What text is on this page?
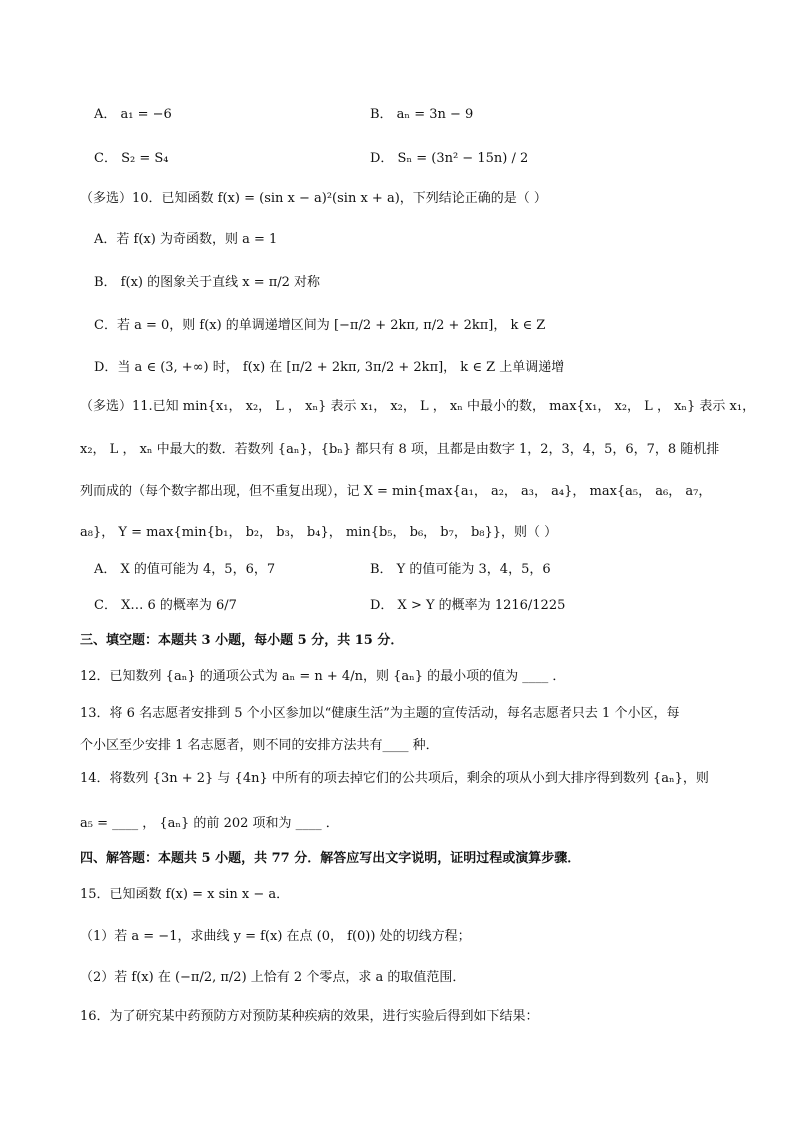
A． a₁ = −6	B． aₙ = 3n − 9
C． S₂ = S₄	D． Sₙ = (3n² − 15n) / 2
（多选）10．已知函数 f(x) = (sin x − a)²(sin x + a)，下列结论正确的是（ ）
A．若 f(x) 为奇函数，则 a = 1
B． f(x) 的图象关于直线 x = π/2 对称
C．若 a = 0，则 f(x) 的单调递增区间为 [−π/2 + 2kπ, π/2 + 2kπ]， k ∈ Z
D．当 a ∈ (3, +∞) 时， f(x) 在 [π/2 + 2kπ, 3π/2 + 2kπ]， k ∈ Z 上单调递增
（多选）11.已知 min{x₁， x₂， L ， xₙ} 表示 x₁， x₂， L ， xₙ 中最小的数， max{x₁， x₂， L ， xₙ} 表示 x₁，
x₂， L ， xₙ 中最大的数．若数列 {aₙ}，{bₙ} 都只有 8 项，且都是由数字 1，2，3，4，5，6，7，8 随机排
列而成的（每个数字都出现，但不重复出现），记 X = min{max{a₁， a₂， a₃， a₄}， max{a₅， a₆， a₇，
a₈}， Y = max{min{b₁， b₂， b₃， b₄}， min{b₅， b₆， b₇， b₈}}，则（ ）
A． X 的值可能为 4，5，6，7	B． Y 的值可能为 3，4，5，6
C． X… 6 的概率为 6/7	D． X > Y 的概率为 1216/1225
三、填空题：本题共 3 小题，每小题 5 分，共 15 分．
12．已知数列 {aₙ} 的通项公式为 aₙ = n + 4/n，则 {aₙ} 的最小项的值为 ____ ．
13．将 6 名志愿者安排到 5 个小区参加以“健康生活”为主题的宣传活动，每名志愿者只去 1 个小区，每
个小区至少安排 1 名志愿者，则不同的安排方法共有____ 种．
14．将数列 {3n + 2} 与 {4n} 中所有的项去掉它们的公共项后，剩余的项从小到大排序得到数列 {aₙ}，则
a₅ = ____ ， {aₙ} 的前 202 项和为 ____ ．
四、解答题：本题共 5 小题，共 77 分．解答应写出文字说明，证明过程或演算步骤．
15．已知函数 f(x) = x sin x − a．
（1）若 a = −1，求曲线 y = f(x) 在点 (0， f(0)) 处的切线方程；
（2）若 f(x) 在 (−π/2, π/2) 上恰有 2 个零点，求 a 的取值范围．
16．为了研究某中药预防方对预防某种疾病的效果，进行实验后得到如下结果：
